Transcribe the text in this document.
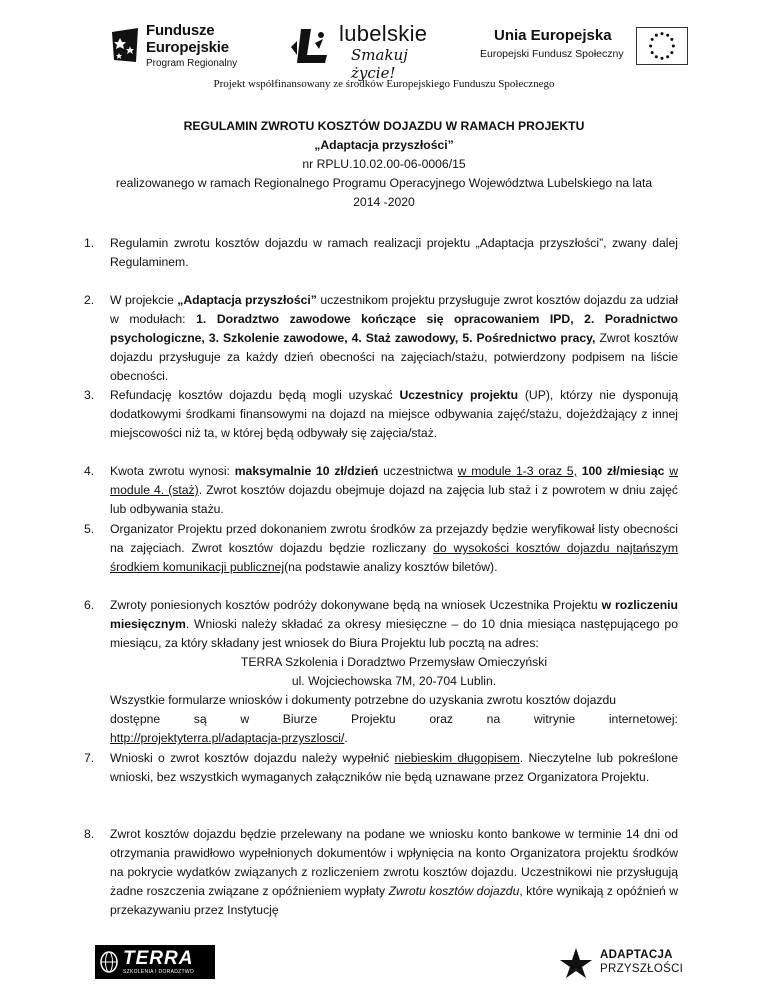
Fundusze
Europejskie
Program Regionalny
lubelskie
Smakuj życie!
Unia Europejska
Europejski Fundusz Społeczny
Projekt współfinansowany ze środków Europejskiego Funduszu Społecznego
REGULAMIN ZWROTU KOSZTÓW DOJAZDU W RAMACH PROJEKTU
„Adaptacja przyszłości”
nr RPLU.10.02.00-06-0006/15
realizowanego w ramach Regionalnego Programu Operacyjnego Województwa Lubelskiego na lata
2014 -2020
1. Regulamin zwrotu kosztów dojazdu w ramach realizacji projektu „Adaptacja przyszłości”, zwany dalej Regulaminem.
2. W projekcie „Adaptacja przyszłości” uczestnikom projektu przysługuje zwrot kosztów dojazdu za udział w modułach: 1. Doradztwo zawodowe kończące się opracowaniem IPD, 2. Poradnictwo psychologiczne, 3. Szkolenie zawodowe, 4. Staż zawodowy, 5. Pośrednictwo pracy, Zwrot kosztów dojazdu przysługuje za każdy dzień obecności na zajęciach/stażu, potwierdzony podpisem na liście obecności.
3. Refundację kosztów dojazdu będą mogli uzyskać Uczestnicy projektu (UP), którzy nie dysponują dodatkowymi środkami finansowymi na dojazd na miejsce odbywania zajęć/stażu, dojeżdżający z innej miejscowości niż ta, w której będą odbywały się zajęcia/staż.
4. Kwota zwrotu wynosi: maksymalnie 10 zł/dzień uczestnictwa w module 1-3 oraz 5, 100 zł/miesiąc w module 4. (staż). Zwrot kosztów dojazdu obejmuje dojazd na zajęcia lub staż i z powrotem w dniu zajęć lub odbywania stażu.
5. Organizator Projektu przed dokonaniem zwrotu środków za przejazdy będzie weryfikował listy obecności na zajęciach. Zwrot kosztów dojazdu będzie rozliczany do wysokości kosztów dojazdu najtańszym środkiem komunikacji publicznej(na podstawie analizy kosztów biletów).
6. Zwroty poniesionych kosztów podróży dokonywane będą na wniosek Uczestnika Projektu w rozliczeniu miesięcznym. Wnioski należy składać za okresy miesięczne – do 10 dnia miesiąca następującego po miesiącu, za który składany jest wniosek do Biura Projektu lub pocztą na adres:
TERRA Szkolenia i Doradztwo Przemysław Omieczyński
ul. Wojciechowska 7M, 20-704 Lublin.
Wszystkie formularze wniosków i dokumenty potrzebne do uzyskania zwrotu kosztów dojazdu
dostępne	są	w	Biurze	Projektu	oraz	na	witrynie	internetowej:
http://projektyterra.pl/adaptacja-przyszlosci/.
7. Wnioski o zwrot kosztów dojazdu należy wypełnić niebieskim długopisem. Nieczytelne lub pokreślone wnioski, bez wszystkich wymaganych załączników nie będą uznawane przez Organizatora Projektu.
8. Zwrot kosztów dojazdu będzie przelewany na podane we wniosku konto bankowe w terminie 14 dni od otrzymania prawidłowo wypełnionych dokumentów i wpłynięcia na konto Organizatora projektu środków na pokrycie wydatków związanych z rozliczeniem zwrotu kosztów dojazdu. Uczestnikowi nie przysługują żadne roszczenia związane z opóźnieniem wypłaty Zwrotu kosztów dojazdu, które wynikają z opóźnień w przekazywaniu przez Instytucję
TERRA
SZKOLENIA I DORADZTWO
ADAPTACJA
PRZYSZŁOŚCI
